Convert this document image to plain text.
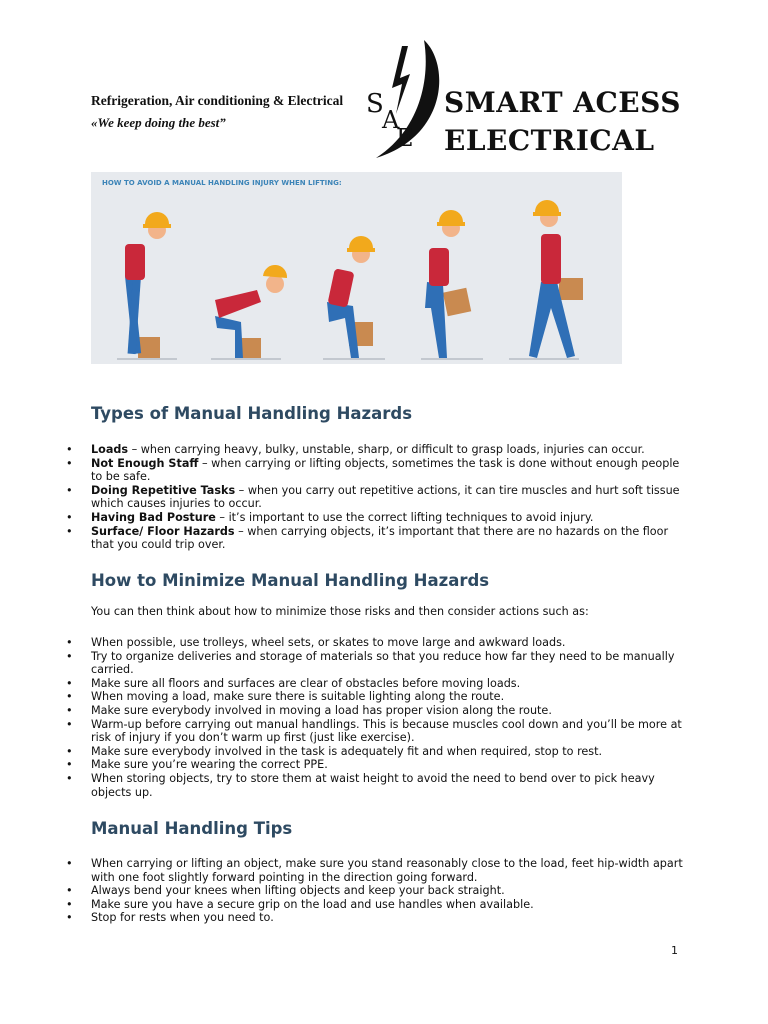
Refrigeration, Air conditioning & Electrical
«We keep doing the best”
S
A
E
SMART ACESS
ELECTRICAL
HOW TO AVOID A MANUAL HANDLING INJURY WHEN LIFTING:
Types of Manual Handling Hazards
• Loads – when carrying heavy, bulky, unstable, sharp, or difficult to grasp loads, injuries can occur.
• Not Enough Staff – when carrying or lifting objects, sometimes the task is done without enough people to be safe.
• Doing Repetitive Tasks – when you carry out repetitive actions, it can tire muscles and hurt soft tissue which causes injuries to occur.
• Having Bad Posture – it’s important to use the correct lifting techniques to avoid injury.
• Surface/ Floor Hazards – when carrying objects, it’s important that there are no hazards on the floor that you could trip over.
How to Minimize Manual Handling Hazards

You can then think about how to minimize those risks and then consider actions such as:

• When possible, use trolleys, wheel sets, or skates to move large and awkward loads.
• Try to organize deliveries and storage of materials so that you reduce how far they need to be manually carried.
• Make sure all floors and surfaces are clear of obstacles before moving loads.
• When moving a load, make sure there is suitable lighting along the route.
• Make sure everybody involved in moving a load has proper vision along the route.
• Warm-up before carrying out manual handlings. This is because muscles cool down and you’ll be more at risk of injury if you don’t warm up first (just like exercise).
• Make sure everybody involved in the task is adequately fit and when required, stop to rest.
• Make sure you’re wearing the correct PPE.
• When storing objects, try to store them at waist height to avoid the need to bend over to pick heavy objects up.
Manual Handling Tips
• When carrying or lifting an object, make sure you stand reasonably close to the load, feet hip-width apart with one foot slightly forward pointing in the direction going forward.
• Always bend your knees when lifting objects and keep your back straight.
• Make sure you have a secure grip on the load and use handles when available.
• Stop for rests when you need to.
1
